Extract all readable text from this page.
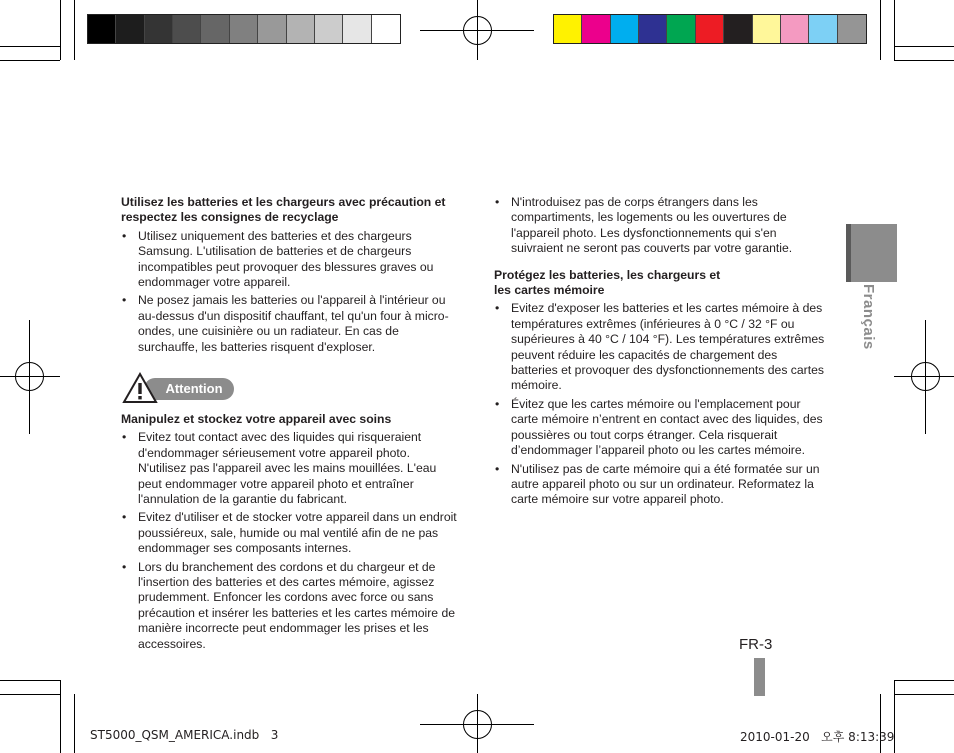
Utilisez les batteries et les chargeurs avec précaution et respectez les consignes de recyclage
• Utilisez uniquement des batteries et des chargeurs Samsung. L'utilisation de batteries et de chargeurs incompatibles peut provoquer des blessures graves ou endommager votre appareil.
• Ne posez jamais les batteries ou l'appareil à l'intérieur ou au-dessus d'un dispositif chauffant, tel qu'un four à micro-ondes, une cuisinière ou un radiateur. En cas de surchauffe, les batteries risquent d'exploser.
Attention
Manipulez et stockez votre appareil avec soins
• Evitez tout contact avec des liquides qui risqueraient d'endommager sérieusement votre appareil photo. N'utilisez pas l'appareil avec les mains mouillées. L'eau peut endommager votre appareil photo et entraîner l'annulation de la garantie du fabricant.
• Evitez d'utiliser et de stocker votre appareil dans un endroit poussiéreux, sale, humide ou mal ventilé afin de ne pas endommager ses composants internes.
• Lors du branchement des cordons et du chargeur et de l'insertion des batteries et des cartes mémoire, agissez prudemment. Enfoncer les cordons avec force ou sans précaution et insérer les batteries et les cartes mémoire de manière incorrecte peut endommager les prises et les accessoires.
• N'introduisez pas de corps étrangers dans les compartiments, les logements ou les ouvertures de l'appareil photo. Les dysfonctionnements qui s'en suivraient ne seront pas couverts par votre garantie.
Protégez les batteries, les chargeurs et les cartes mémoire
• Evitez d'exposer les batteries et les cartes mémoire à des températures extrêmes (inférieures à 0 °C / 32 °F ou supérieures à 40 °C / 104 °F). Les températures extrêmes peuvent réduire les capacités de chargement des batteries et provoquer des dysfonctionnements des cartes mémoire.
• Évitez que les cartes mémoire ou l'emplacement pour carte mémoire n’entrent en contact avec des liquides, des poussières ou tout corps étranger. Cela risquerait d’endommager l’appareil photo ou les cartes mémoire.
• N'utilisez pas de carte mémoire qui a été formatée sur un autre appareil photo ou sur un ordinateur. Reformatez la carte mémoire sur votre appareil photo.
Français
FR-3
ST5000_QSM_AMERICA.indb   3	2010-01-20   오후 8:13:39
